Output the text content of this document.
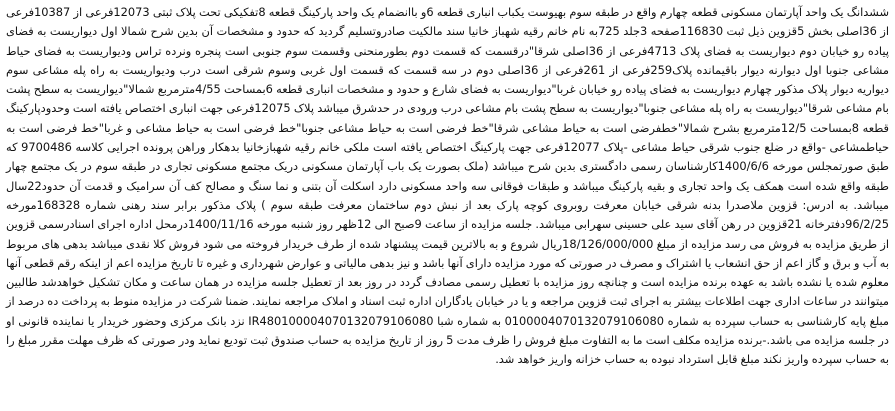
ششدانگ یک واحد آپارتمان مسکونی قطعه چهارم واقع در طبقه سوم بهیوست یکباب انباری قطعه 6و باانضمام یک واحد پارکینگ قطعه 8تفکیکی تحت پلاک ثبتی 12073فرعی از 10387فرعی از 36اصلی بخش 5قزوین ذیل ثبت 116830صفحه 3جلد 725به نام خانم رقیه شهباز خانیا سند مالکیت صادروتسلیم گردید که حدود و مشخصات آن بدین شرح شمالا اول دیواریست به فضای پیاده رو خیابان دوم دیواریست به فضای پلاک 4713فرعی از 36اصلی شرقا"درقسمت که قسمت دوم بطورمنحنی وقسمت سوم جنوبی است پنجره ونرده تراس ودیواریست به فضای حیاط مشاعی جنوبا اول دیوارنه دیوار باقیمانده پلاک259فرعی از 261فرعی از 36اصلی دوم در سه قسمت که قسمت اول غربی وسوم شرقی است درب ودیواریست به راه پله مشاعی سوم دیواریه دیوار پلاک مذکور چهارم دیواریست به فضای پیاده رو خیابان غربا"دیواریست به فضای شارع و حدود و مشخصات انباری قطعه 6بمساحت 4/55مترمربع شمالا"دیواریست به سطح پشت بام مشاعی شرقا"دیواریست به راه پله مشاعی جنوبا"دیواریست به سطح پشت بام مشاعی درب ورودی در حدشرق میباشد پلاک 12075فرعی جهت انباری اختصاص یافته است وحدودپارکینگ قطعه 8بمساحت 12/5مترمربع بشرح شمالا"خطفرضی است به حیاط مشاعی شرقا"خط فرضی است به حیاط مشاعی جنوبا"خط فرضی است به حیاط مشاعی و غربا"خط فرضی است به حیاطمشاعی -واقع در ضلع جنوب شرقی حیاط مشاعی -پلاک 12077فرعی جهت پارکینگ اختصاص یافته است ملکی خانم رقیه شهبازخانیا بدهکار وراهن پرونده اجرایی کلاسه 9700486 که طبق صورتمجلس مورخه 1400/6/6کارشناسان رسمی دادگستری بدین شرح میباشد (ملک بصورت یک باب آپارتمان مسکونی دریک مجتمع مسکونی تجاری در طبقه سوم در یک مجتمع چهار طبقه واقع شده است همکف یک واحد تجاری و بقیه پارکینگ میباشد و طبقات فوقانی سه واحد مسکونی دارد اسکلت آن بتنی و نما سنگ و مصالح کف آن سرامیک و قدمت آن حدود22سال میباشد. به ادرس: قزوین ملاصدرا بدنه شرقی خیابان معرفت روبروی کوچه پارک بعد از نبش دوم ساختمان معرفت طبقه سوم ) پلاک مذکور برابر سند رهنی شماره 168328مورخه 96/2/25دفترخانه 21قزوین در رهن آقای سید علی حسینی سهرابی میباشد. جلسه مزایده از ساعت 9صبح الی 12ظهر روز شنبه مورخه 1400/11/16درمحل اداره اجرای اسنادرسمی قزوین از طریق مزایده به فروش می رسد مزایده از مبلغ 18/126/000/000ریال شروع و به بالاترین قیمت پیشنهاد شده از طرف خریدار فروخته می شود فروش کلا نقدی میباشد بدهی های مربوط به آب و برق و گاز اعم از حق انشعاب یا اشتراک و مصرف در صورتی که مورد مزایده دارای آنها باشد و نیز بدهی مالیاتی و عوارض شهرداری و غیره تا تاریخ مزایده اعم از اینکه رقم قطعی آنها معلوم شده یا نشده باشد به عهده برنده مزایده است و چنانچه روز مزایده با تعطیل رسمی مصادف گردد در روز بعد از تعطیل جلسه مزایده در همان ساعت و مکان تشکیل خواهدشد طالبین میتوانند در ساعات اداری جهت اطلاعات بیشتر به اجرای ثبت قزوین مراجعه و یا در خیابان یادگاران اداره ثبت اسناد و املاک مراجعه نمایند. ضمنا شرکت در مزایده منوط به پرداخت ده درصد از مبلغ پایه کارشناسی به حساب سپرده به شماره 0100004070132079106080 به شماره شبا IR480100004070132079106080 نزد بانک مرکزی وحضور خریدار یا نماینده قانونی او در جلسه مزایده می باشد.-برنده مزایده مکلف است ما به التفاوت مبلغ فروش را ظرف مدت 5 روز از تاریخ مزایده به حساب صندوق ثبت تودیع نماید ودر صورتی که ظرف مهلت مقرر مبلغ را به حساب سپرده واریز نکند مبلغ قابل استرداد نبوده به حساب خزانه واریز خواهد شد.
